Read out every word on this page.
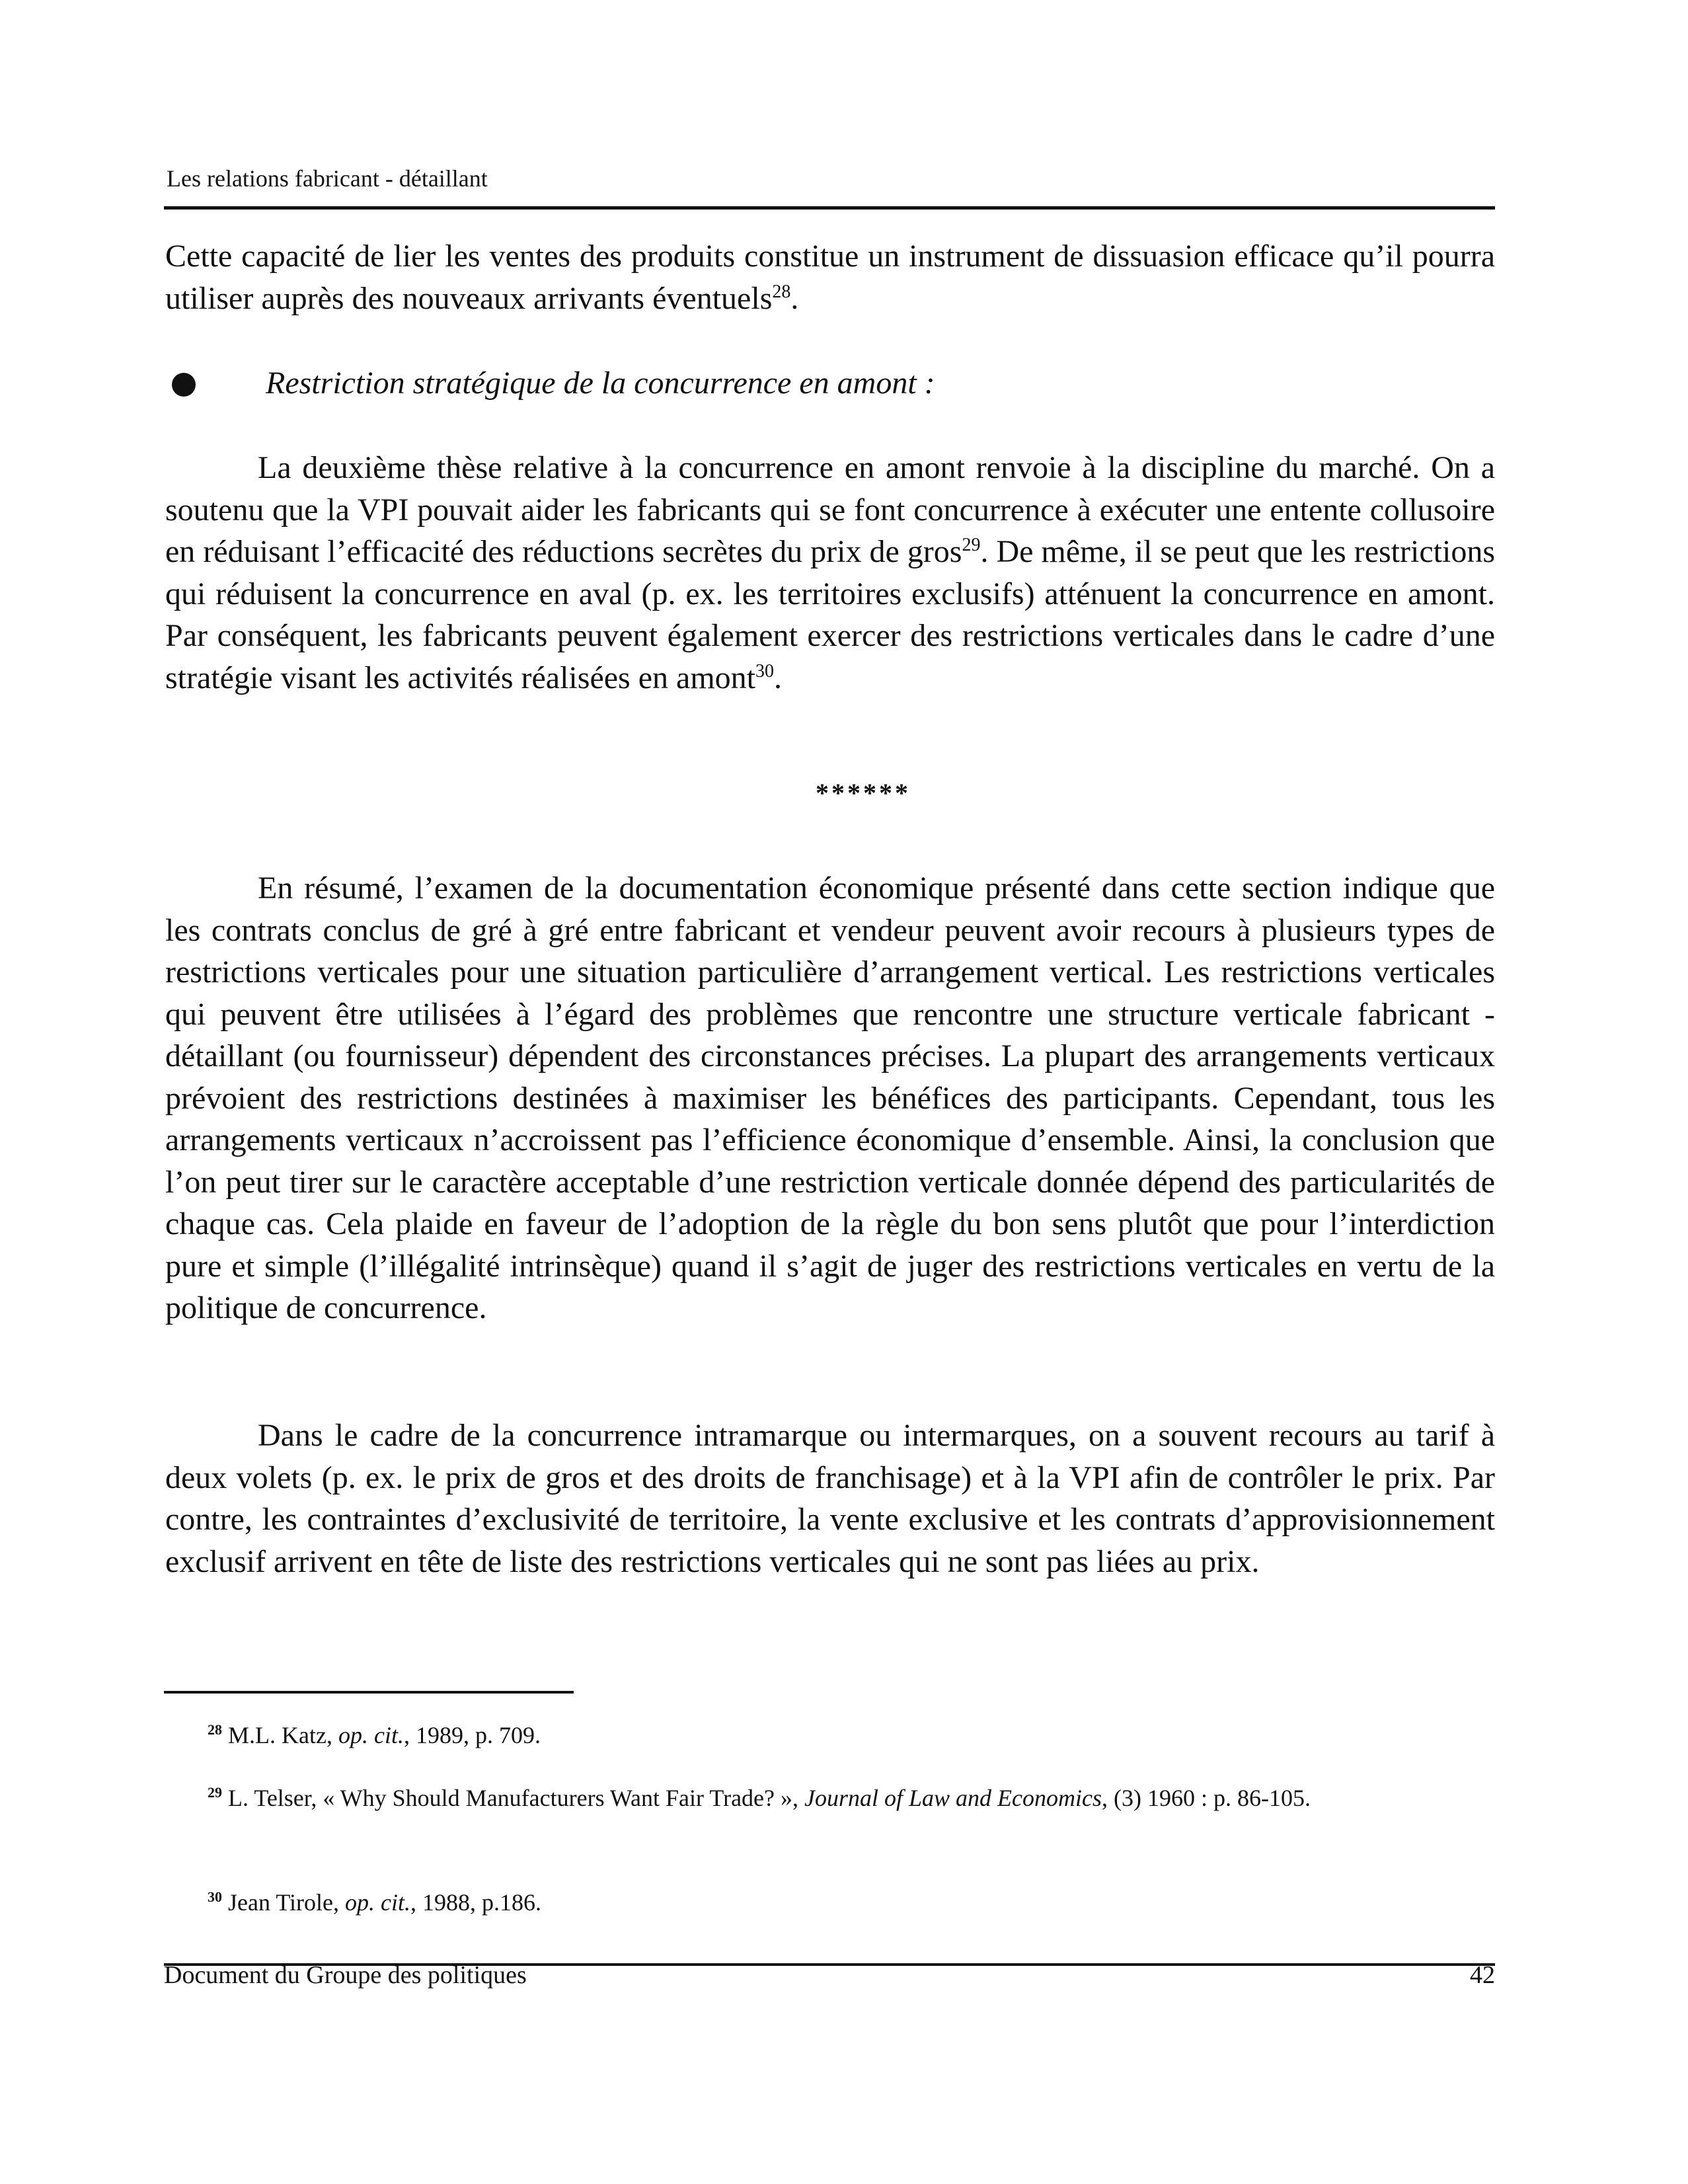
Les relations fabricant - détaillant

Cette capacité de lier les ventes des produits constitue un instrument de dissuasion efficace qu’il pourra utiliser auprès des nouveaux arrivants éventuels$^{28}$.

Restriction stratégique de la concurrence en amont :

La deuxième thèse relative à la concurrence en amont renvoie à la discipline du marché. On a soutenu que la VPI pouvait aider les fabricants qui se font concurrence à exécuter une entente collusoire en réduisant l’efficacité des réductions secrètes du prix de gros$^{29}$. De même, il se peut que les restrictions qui réduisent la concurrence en aval (p. ex. les territoires exclusifs) atténuent la concurrence en amont. Par conséquent, les fabricants peuvent également exercer des restrictions verticales dans le cadre d’une stratégie visant les activités réalisées en amont$^{30}$.

******

En résumé, l’examen de la documentation économique présenté dans cette section indique que les contrats conclus de gré à gré entre fabricant et vendeur peuvent avoir recours à plusieurs types de restrictions verticales pour une situation particulière d’arrangement vertical. Les restrictions verticales qui peuvent être utilisées à l’égard des problèmes que rencontre une structure verticale fabricant - détaillant (ou fournisseur) dépendent des circonstances précises. La plupart des arrangements verticaux prévoient des restrictions destinées à maximiser les bénéfices des participants. Cependant, tous les arrangements verticaux n’accroissent pas l’efficience économique d’ensemble. Ainsi, la conclusion que l’on peut tirer sur le caractère acceptable d’une restriction verticale donnée dépend des particularités de chaque cas. Cela plaide en faveur de l’adoption de la règle du bon sens plutôt que pour l’interdiction pure et simple (l’illégalité intrinsèque) quand il s’agit de juger des restrictions verticales en vertu de la politique de concurrence.

Dans le cadre de la concurrence intramarque ou intermarques, on a souvent recours au tarif à deux volets (p. ex. le prix de gros et des droits de franchisage) et à la VPI afin de contrôler le prix. Par contre, les contraintes d’exclusivité de territoire, la vente exclusive et les contrats d’approvisionnement exclusif arrivent en tête de liste des restrictions verticales qui ne sont pas liées au prix.

$^{28}$ M.L. Katz, op. cit., 1989, p. 709.
$^{29}$ L. Telser, « Why Should Manufacturers Want Fair Trade? », Journal of Law and Economics, (3) 1960 : p. 86-105.
$^{30}$ Jean Tirole, op. cit., 1988, p.186.
Document du Groupe des politiques	42
